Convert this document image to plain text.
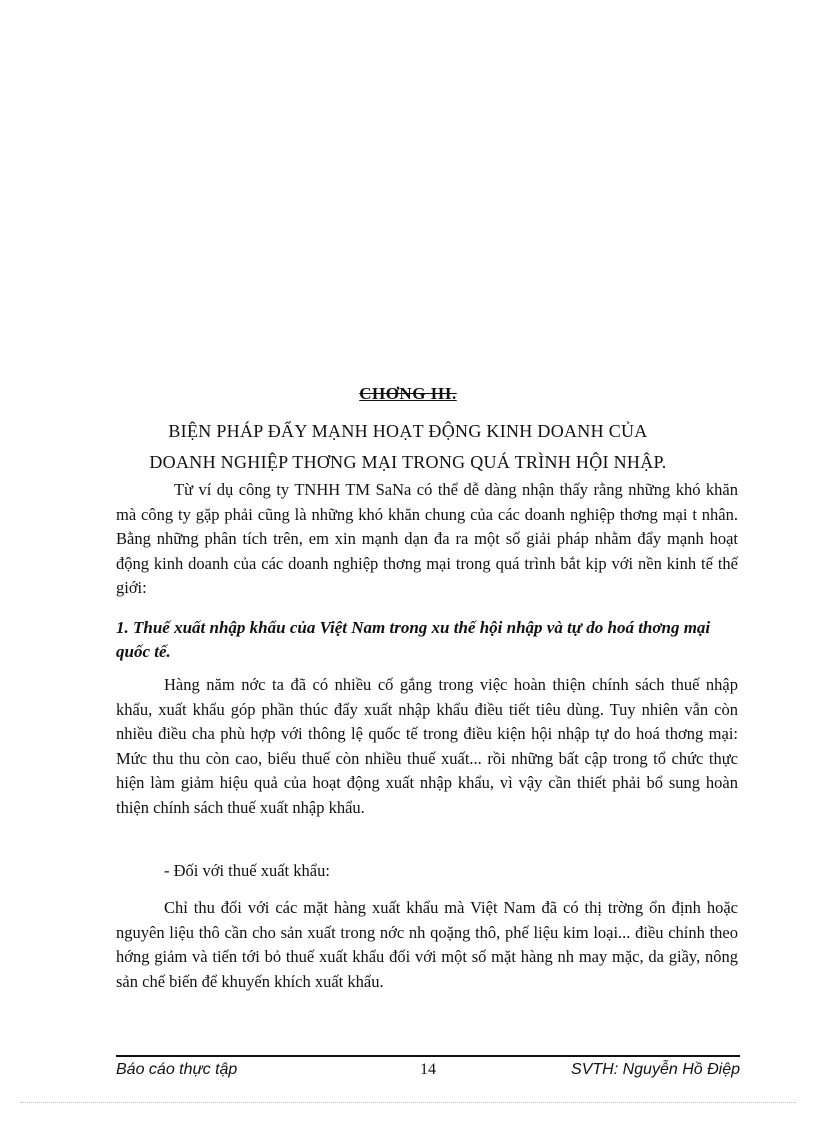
CHƠNG III.
BIỆN PHÁP ĐẨY MẠNH HOẠT ĐỘNG KINH DOANH CỦA
DOANH NGHIỆP THƠNG MẠI TRONG QUÁ TRÌNH HỘI NHẬP.
Từ ví dụ công ty TNHH TM SaNa có thể dễ dàng nhận thấy rằng những khó khăn mà công ty gặp phải cũng là những khó khăn chung của các doanh nghiệp thơng mại t nhân. Bằng những phân tích trên, em xin mạnh dạn đa ra một số giải pháp nhằm đẩy mạnh hoạt động kinh doanh của các doanh nghiệp thơng mại trong quá trình bắt kịp với nền kinh tế thế giới:
1. Thuế xuất nhập khẩu của Việt Nam trong xu thế hội nhập và tự do hoá thơng mại quốc tế.
Hàng năm nớc ta đã có nhiều cố gắng trong việc hoàn thiện chính sách thuế nhập khẩu, xuất khẩu góp phần thúc đẩy xuất nhập khẩu điều tiết tiêu dùng. Tuy nhiên vẫn còn nhiều điều cha phù hợp với thông lệ quốc tế trong điều kiện hội nhập tự do hoá thơng mại: Mức thu thu còn cao, biểu thuế còn nhiều thuế xuất... rồi những bất cập trong tổ chức thực hiện làm giảm hiệu quả của hoạt động xuất nhập khẩu, vì vậy cần thiết phải bổ sung hoàn thiện chính sách thuế xuất nhập khẩu.
- Đối với thuế xuất khẩu:
Chỉ thu đối với các mặt hàng xuất khẩu mà Việt Nam đã có thị trờng ổn định hoặc nguyên liệu thô cần cho sản xuất trong nớc nh qoặng thô, phế liệu kim loại... điều chỉnh theo hớng giảm và tiến tới bỏ thuế xuất khẩu đối với một số mặt hàng nh may mặc, da giầy, nông sản chế biến để khuyến khích xuất khẩu.
Báo cáo thực tập	14	SVTH: Nguyễn Hồ Điệp
